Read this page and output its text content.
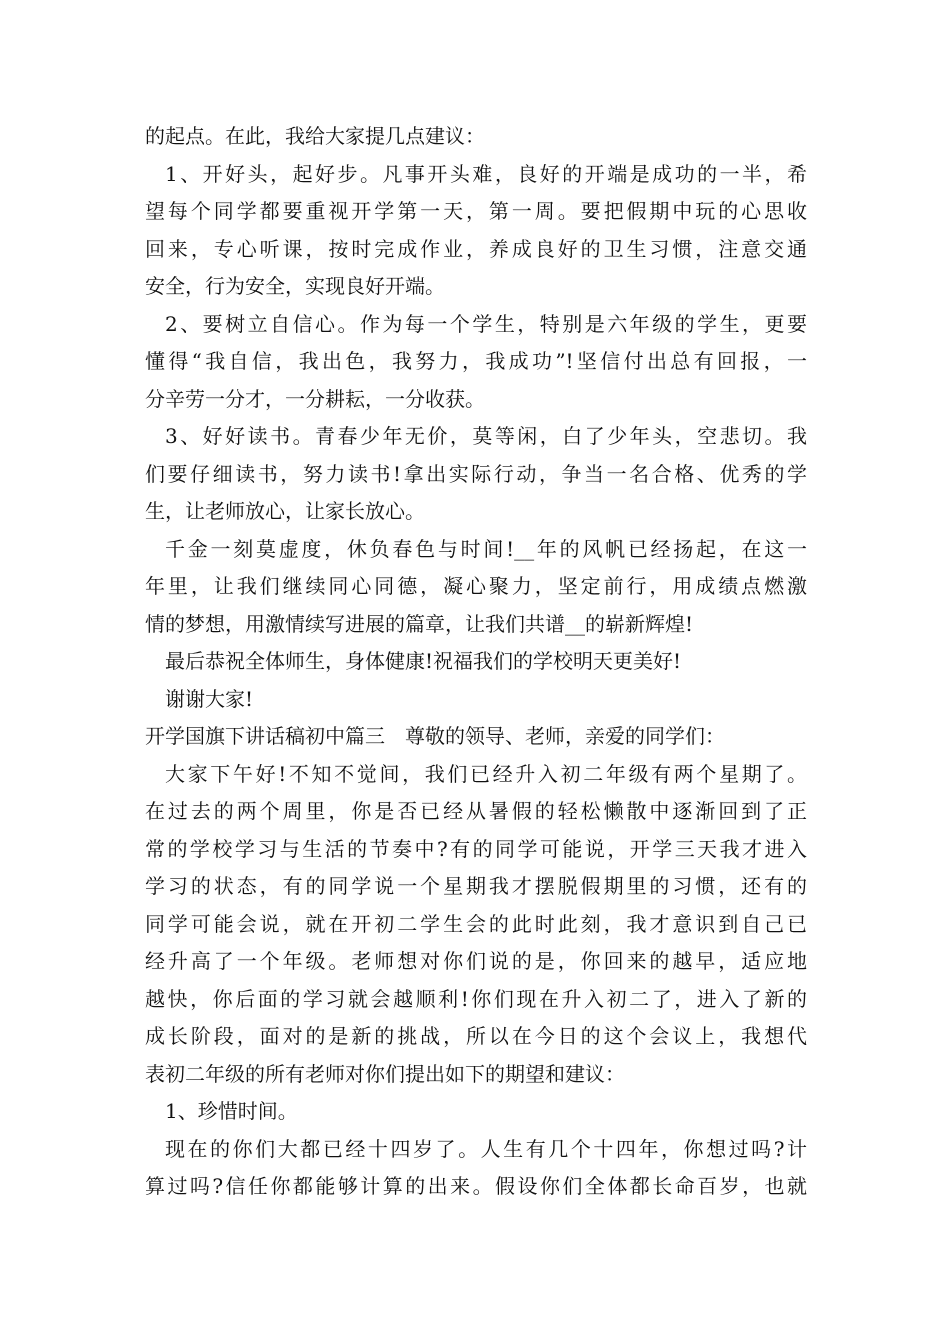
的起点。在此，我给大家提几点建议：
1、开好头，起好步。凡事开头难，良好的开端是成功的一半，希
望每个同学都要重视开学第一天，第一周。要把假期中玩的心思收
回来，专心听课，按时完成作业，养成良好的卫生习惯，注意交通
安全，行为安全，实现良好开端。
2、要树立自信心。作为每一个学生，特别是六年级的学生，更要
懂得“我自信，我出色，我努力，我成功”!坚信付出总有回报，一
分辛劳一分才，一分耕耘，一分收获。
3、好好读书。青春少年无价，莫等闲，白了少年头，空悲切。我
们要仔细读书，努力读书!拿出实际行动，争当一名合格、优秀的学
生，让老师放心，让家长放心。
千金一刻莫虚度，休负春色与时间!__年的风帆已经扬起，在这一
年里，让我们继续同心同德，凝心聚力，坚定前行，用成绩点燃激
情的梦想，用激情续写进展的篇章，让我们共谱__的崭新辉煌!
最后恭祝全体师生，身体健康!祝福我们的学校明天更美好!
谢谢大家!
开学国旗下讲话稿初中篇三　尊敬的领导、老师，亲爱的同学们：
大家下午好!不知不觉间，我们已经升入初二年级有两个星期了。
在过去的两个周里，你是否已经从暑假的轻松懒散中逐渐回到了正
常的学校学习与生活的节奏中?有的同学可能说，开学三天我才进入
学习的状态，有的同学说一个星期我才摆脱假期里的习惯，还有的
同学可能会说，就在开初二学生会的此时此刻，我才意识到自己已
经升高了一个年级。老师想对你们说的是，你回来的越早，适应地
越快，你后面的学习就会越顺利!你们现在升入初二了，进入了新的
成长阶段，面对的是新的挑战，所以在今日的这个会议上，我想代
表初二年级的所有老师对你们提出如下的期望和建议：
1、珍惜时间。
现在的你们大都已经十四岁了。人生有几个十四年，你想过吗?计
算过吗?信任你都能够计算的出来。假设你们全体都长命百岁，也就
